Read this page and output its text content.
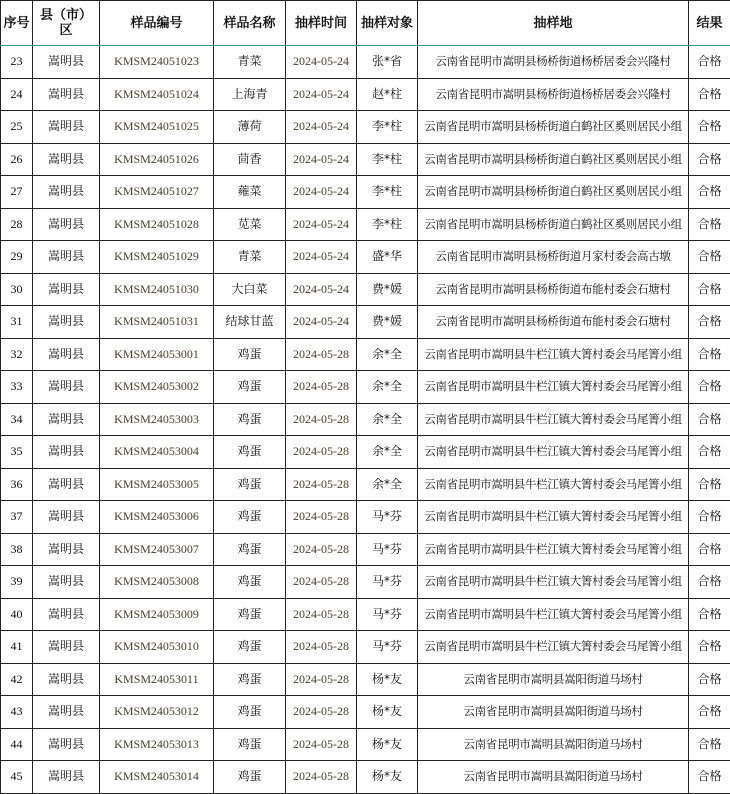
序号	县（市）区	样品编号	样品名称	抽样时间	抽样对象	抽样地	结果
23	嵩明县	KMSM24051023	青菜	2024-05-24	张*省	云南省昆明市嵩明县杨桥街道杨桥居委会兴隆村	合格
24	嵩明县	KMSM24051024	上海青	2024-05-24	赵*柱	云南省昆明市嵩明县杨桥街道杨桥居委会兴隆村	合格
25	嵩明县	KMSM24051025	薄荷	2024-05-24	李*柱	云南省昆明市嵩明县杨桥街道白鹤社区奚则居民小组	合格
26	嵩明县	KMSM24051026	茴香	2024-05-24	李*柱	云南省昆明市嵩明县杨桥街道白鹤社区奚则居民小组	合格
27	嵩明县	KMSM24051027	蕹菜	2024-05-24	李*柱	云南省昆明市嵩明县杨桥街道白鹤社区奚则居民小组	合格
28	嵩明县	KMSM24051028	苋菜	2024-05-24	李*柱	云南省昆明市嵩明县杨桥街道白鹤社区奚则居民小组	合格
29	嵩明县	KMSM24051029	青菜	2024-05-24	盛*华	云南省昆明市嵩明县杨桥街道月家村委会高古墩	合格
30	嵩明县	KMSM24051030	大白菜	2024-05-24	费*媛	云南省昆明市嵩明县杨桥街道布能村委会石塘村	合格
31	嵩明县	KMSM24051031	结球甘蓝	2024-05-24	费*媛	云南省昆明市嵩明县杨桥街道布能村委会石塘村	合格
32	嵩明县	KMSM24053001	鸡蛋	2024-05-28	余*全	云南省昆明市嵩明县牛栏江镇大箐村委会马尾箐小组	合格
33	嵩明县	KMSM24053002	鸡蛋	2024-05-28	余*全	云南省昆明市嵩明县牛栏江镇大箐村委会马尾箐小组	合格
34	嵩明县	KMSM24053003	鸡蛋	2024-05-28	余*全	云南省昆明市嵩明县牛栏江镇大箐村委会马尾箐小组	合格
35	嵩明县	KMSM24053004	鸡蛋	2024-05-28	余*全	云南省昆明市嵩明县牛栏江镇大箐村委会马尾箐小组	合格
36	嵩明县	KMSM24053005	鸡蛋	2024-05-28	余*全	云南省昆明市嵩明县牛栏江镇大箐村委会马尾箐小组	合格
37	嵩明县	KMSM24053006	鸡蛋	2024-05-28	马*芬	云南省昆明市嵩明县牛栏江镇大箐村委会马尾箐小组	合格
38	嵩明县	KMSM24053007	鸡蛋	2024-05-28	马*芬	云南省昆明市嵩明县牛栏江镇大箐村委会马尾箐小组	合格
39	嵩明县	KMSM24053008	鸡蛋	2024-05-28	马*芬	云南省昆明市嵩明县牛栏江镇大箐村委会马尾箐小组	合格
40	嵩明县	KMSM24053009	鸡蛋	2024-05-28	马*芬	云南省昆明市嵩明县牛栏江镇大箐村委会马尾箐小组	合格
41	嵩明县	KMSM24053010	鸡蛋	2024-05-28	马*芬	云南省昆明市嵩明县牛栏江镇大箐村委会马尾箐小组	合格
42	嵩明县	KMSM24053011	鸡蛋	2024-05-28	杨*友	云南省昆明市嵩明县嵩阳街道马场村	合格
43	嵩明县	KMSM24053012	鸡蛋	2024-05-28	杨*友	云南省昆明市嵩明县嵩阳街道马场村	合格
44	嵩明县	KMSM24053013	鸡蛋	2024-05-28	杨*友	云南省昆明市嵩明县嵩阳街道马场村	合格
45	嵩明县	KMSM24053014	鸡蛋	2024-05-28	杨*友	云南省昆明市嵩明县嵩阳街道马场村	合格
